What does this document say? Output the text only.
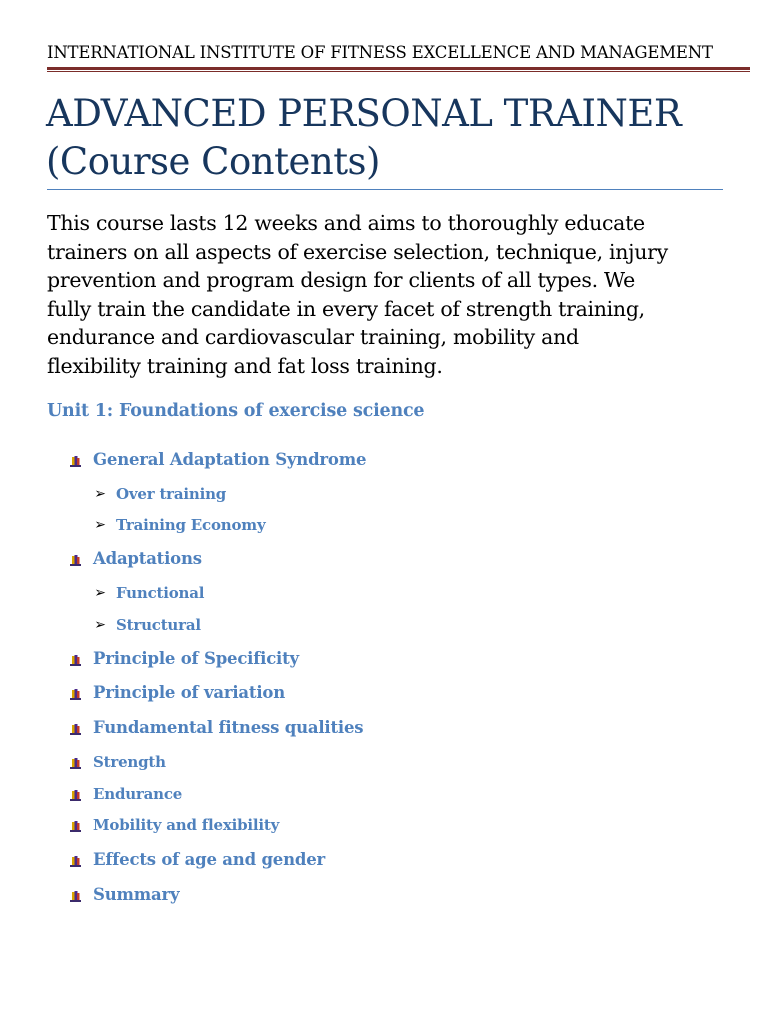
INTERNATIONAL INSTITUTE OF FITNESS EXCELLENCE AND MANAGEMENT
ADVANCED PERSONAL TRAINER
(Course Contents)

This course lasts 12 weeks and aims to thoroughly educate
trainers on all aspects of exercise selection, technique, injury
prevention and program design for clients of all types. We
fully train the candidate in every facet of strength training,
endurance and cardiovascular training, mobility and
flexibility training and fat loss training.

Unit 1: Foundations of exercise science
General Adaptation Syndrome
➢ Over training
➢ Training Economy
Adaptations
➢ Functional
➢ Structural
Principle of Specificity
Principle of variation
Fundamental fitness qualities
Strength
Endurance
Mobility and flexibility
Effects of age and gender
Summary
